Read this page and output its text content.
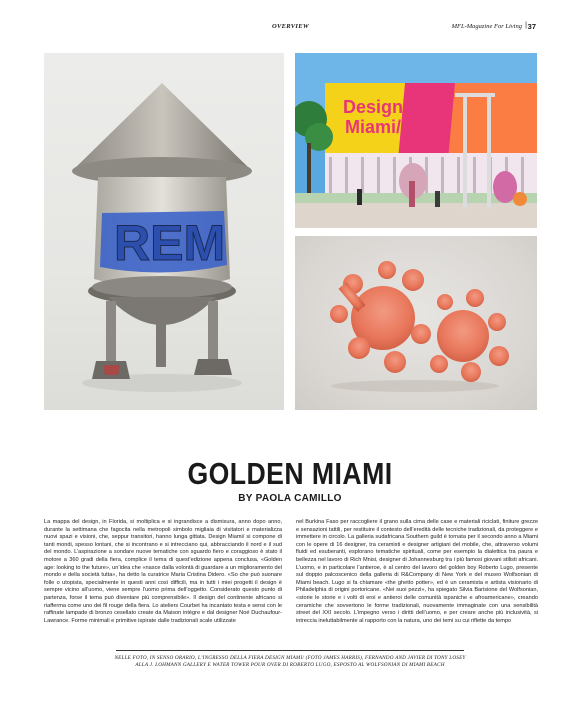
OVERVIEW	MFL-Magazine For Living | 37
REM
Design
Miami/
GOLDEN MIAMI
BY PAOLA CAMILLO
La mappa del design, in Florida, si moltiplica e si ingrandisce a dismisura, anno dopo anno, durante la settimana che fagocita nella metropoli simbolo migliaia di visitatori e materializza nuovi spazi e visioni, che, seppur transitori, hanno lunga gittata. Design Miami/ si compone di tanti mondi, spesso lontani, che si incontrano e si intrecciano qui, abbracciando il nord e il sud del mondo. L’aspirazione a sondare nuove tematiche con sguardo fiero e coraggioso è stato il motore a 360 gradi della fiera, complice il tema di quest’edizione appena conclusa, «Golden age: looking to the future», un’idea che «nasce dalla volontà di guardare a un miglioramento del mondo e della società tutta», ha detto la curatrice Maria Cristina Didero. «So che può suonare folle o utopista, specialmente in questi anni così difficili, ma in tutti i miei progetti il design è sempre vicino all’uomo, viene sempre l’uomo prima dell’oggetto. Considerato questo punto di partenza, forse il tema può diventare più comprensibile». Il design del continente africano si riafferma come uno dei fil rouge della fiera. Lo ateliers Courbet ha incantato testa e sensi con le raffinate lampade di bronzo cesellato create da Maison intègre e dal designer Noé Duchaufour-Lawrance. Forme minimali e primitive ispirate dalle tradizionali scale utilizzate
nel Burkina Faso per raccogliere il grano sulla cima delle case e materiali riciclati, finiture grezze e sensazioni tattili, per restituire il contesto dell’eredità delle tecniche tradizionali, da proteggere e immettere in circolo. La galleria sudafricana Southern guild è tornata per il secondo anno a Miami con le opere di 16 designer, tra ceramisti e designer artigiani del mobile, che, attraverso volumi fluidi ed esuberanti, esplorano tematiche spirituali, come per esempio la dialettica tra paura e bellezza nel lavoro di Rich Mnisi, designer di Johannesburg tra i più famosi giovani stilisti africani. L’uomo, e in particolare l’antieroe, è al centro del lavoro del golden boy Roberto Lugo, presente sul doppio palcoscenico della galleria di R&Company di New York e del museo Wolfsonian di Miami beach. Lugo si fa chiamare «the ghetto potter», ed è un ceramista e artista visionario di Philadelphia di origini portoricane. «Nei suoi pezzi», ha spiegato Silvia Barisione del Wolfsonian, «storie le storie e i volti di eroi e antieroi delle comunità ispaniche e afroamericane», creando ceramiche che sovvertono le forme tradizionali, nuovamente immaginate con una sensibilità street del XXI secolo. L’impegno verso i diritti dell’uomo, e per creare anche più inclusività, si intreccia ineluttabilmente al rapporto con la natura, uno dei temi su cui riflette da tempo
NELLE FOTO, IN SENSO ORARIO, L’INGRESSO DELLA FIERA DESIGN MIAMI/ (FOTO JAMES HARRIS), FERNANDO AND JAVIER DI TONY LOSEY
ALLA J. LOHMANN GALLERY E WATER TOWER POUR OVER DI ROBERTO LUGO, ESPOSTO AL WOLFSONIAN DI MIAMI BEACH
